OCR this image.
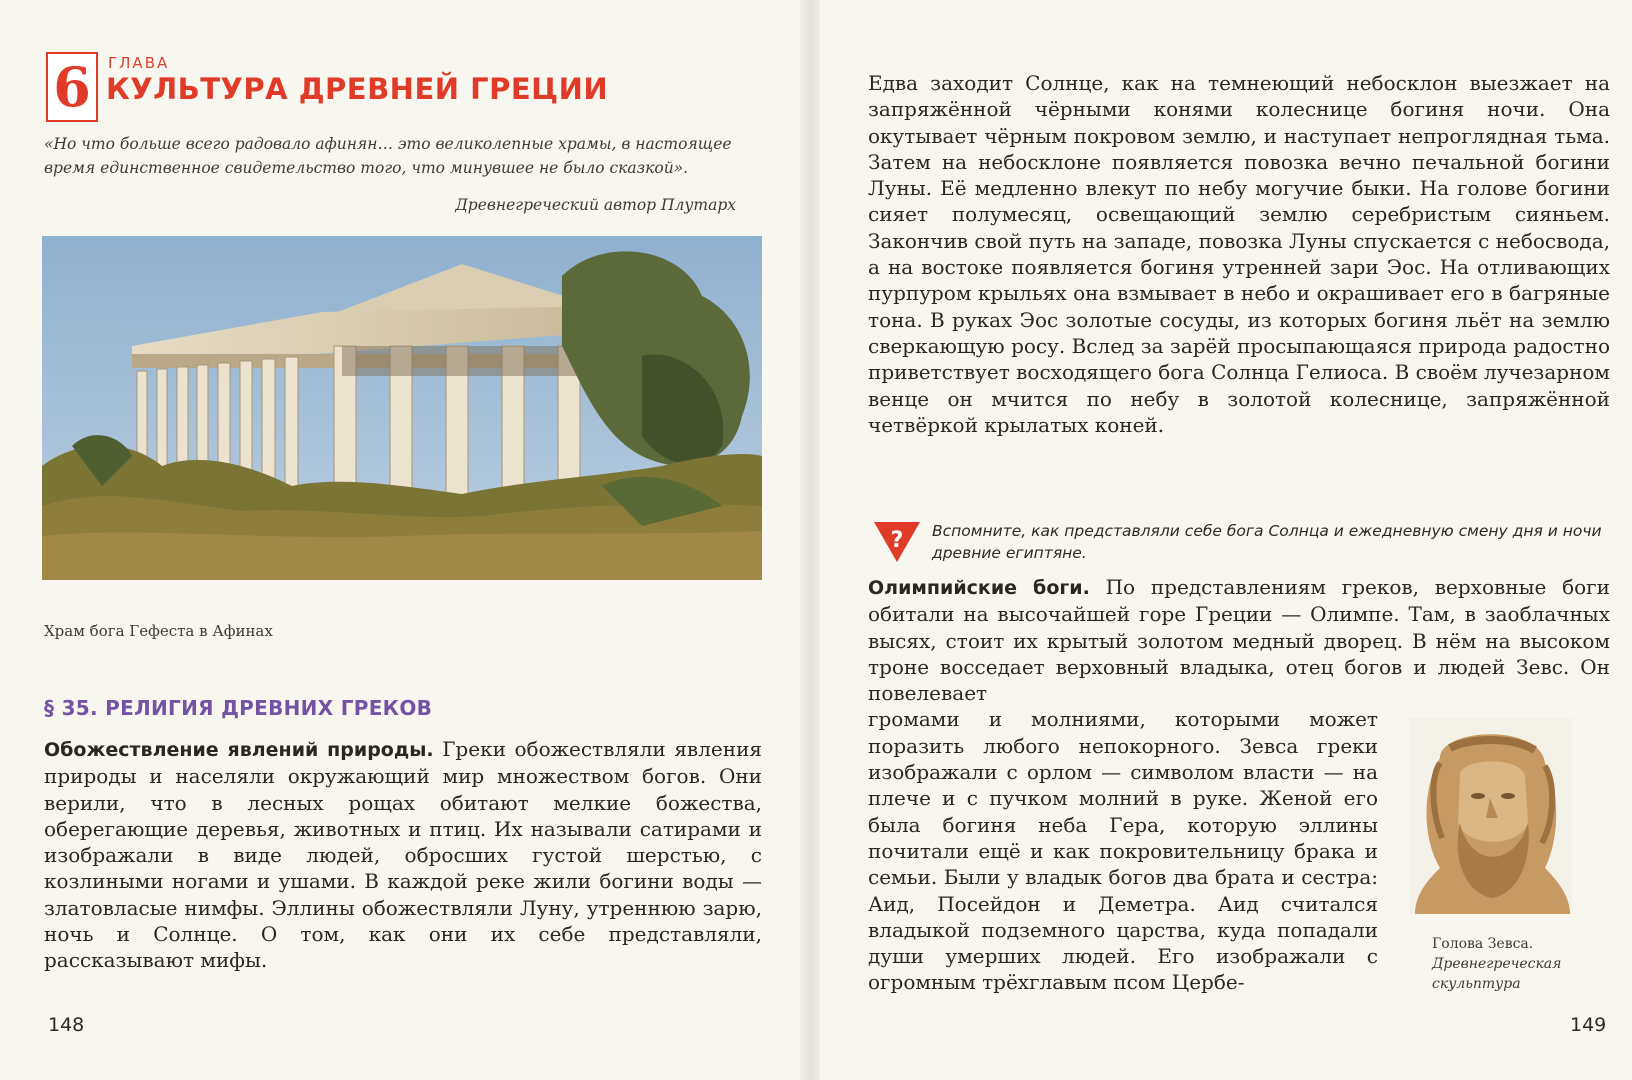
6 ГЛАВА
КУЛЬТУРА ДРЕВНЕЙ ГРЕЦИИ
«Но что больше всего радовало афинян… это великолепные храмы, в настоящее время единственное свидетельство того, что минувшее не было сказкой».
Древнегреческий автор Плутарх
Храм бога Гефеста в Афинах
§ 35. РЕЛИГИЯ ДРЕВНИХ ГРЕКОВ
Обожествление явлений природы. Греки обожествляли явления природы и населяли окружающий мир множеством богов. Они верили, что в лесных рощах обитают мелкие божества, оберегающие деревья, животных и птиц. Их называли сатирами и изображали в виде людей, обросших густой шерстью, с козлиными ногами и ушами. В каждой реке жили богини воды — златовласые нимфы. Эллины обожествляли Луну, утреннюю зарю, ночь и Солнце. О том, как они их себе представляли, рассказывают мифы.
148
Едва заходит Солнце, как на темнеющий небосклон выезжает на запряжённой чёрными конями колеснице богиня ночи. Она окутывает чёрным покровом землю, и наступает непроглядная тьма. Затем на небосклоне появляется повозка вечно печальной богини Луны. Её медленно влекут по небу могучие быки. На голове богини сияет полумесяц, освещающий землю серебристым сияньем. Закончив свой путь на западе, повозка Луны спускается с небосвода, а на востоке появляется богиня утренней зари Эос. На отливающих пурпуром крыльях она взмывает в небо и окрашивает его в багряные тона. В руках Эос золотые сосуды, из которых богиня льёт на землю сверкающую росу. Вслед за зарёй просыпающаяся природа радостно приветствует восходящего бога Солнца Гелиоса. В своём лучезарном венце он мчится по небу в золотой колеснице, запряжённой четвёркой крылатых коней.
? Вспомните, как представляли себе бога Солнца и ежедневную смену дня и ночи древние египтяне.
Олимпийские боги. По представлениям греков, верховные боги обитали на высочайшей горе Греции — Олимпе. Там, в заоблачных высях, стоит их крытый золотом медный дворец. В нём на высоком троне восседает верховный владыка, отец богов и людей Зевс. Он повелевает
громами и молниями, которыми может поразить любого непокорного. Зевса греки изображали с орлом — символом власти — на плече и с пучком молний в руке. Женой его была богиня неба Гера, которую эллины почитали ещё и как покровительницу брака и семьи. Были у владык богов два брата и сестра: Аид, Посейдон и Деметра. Аид считался владыкой подземного царства, куда попадали души умерших людей. Его изображали с огромным трёхглавым псом Цербе-
Голова Зевса.
Древнегреческая скульптура
149
